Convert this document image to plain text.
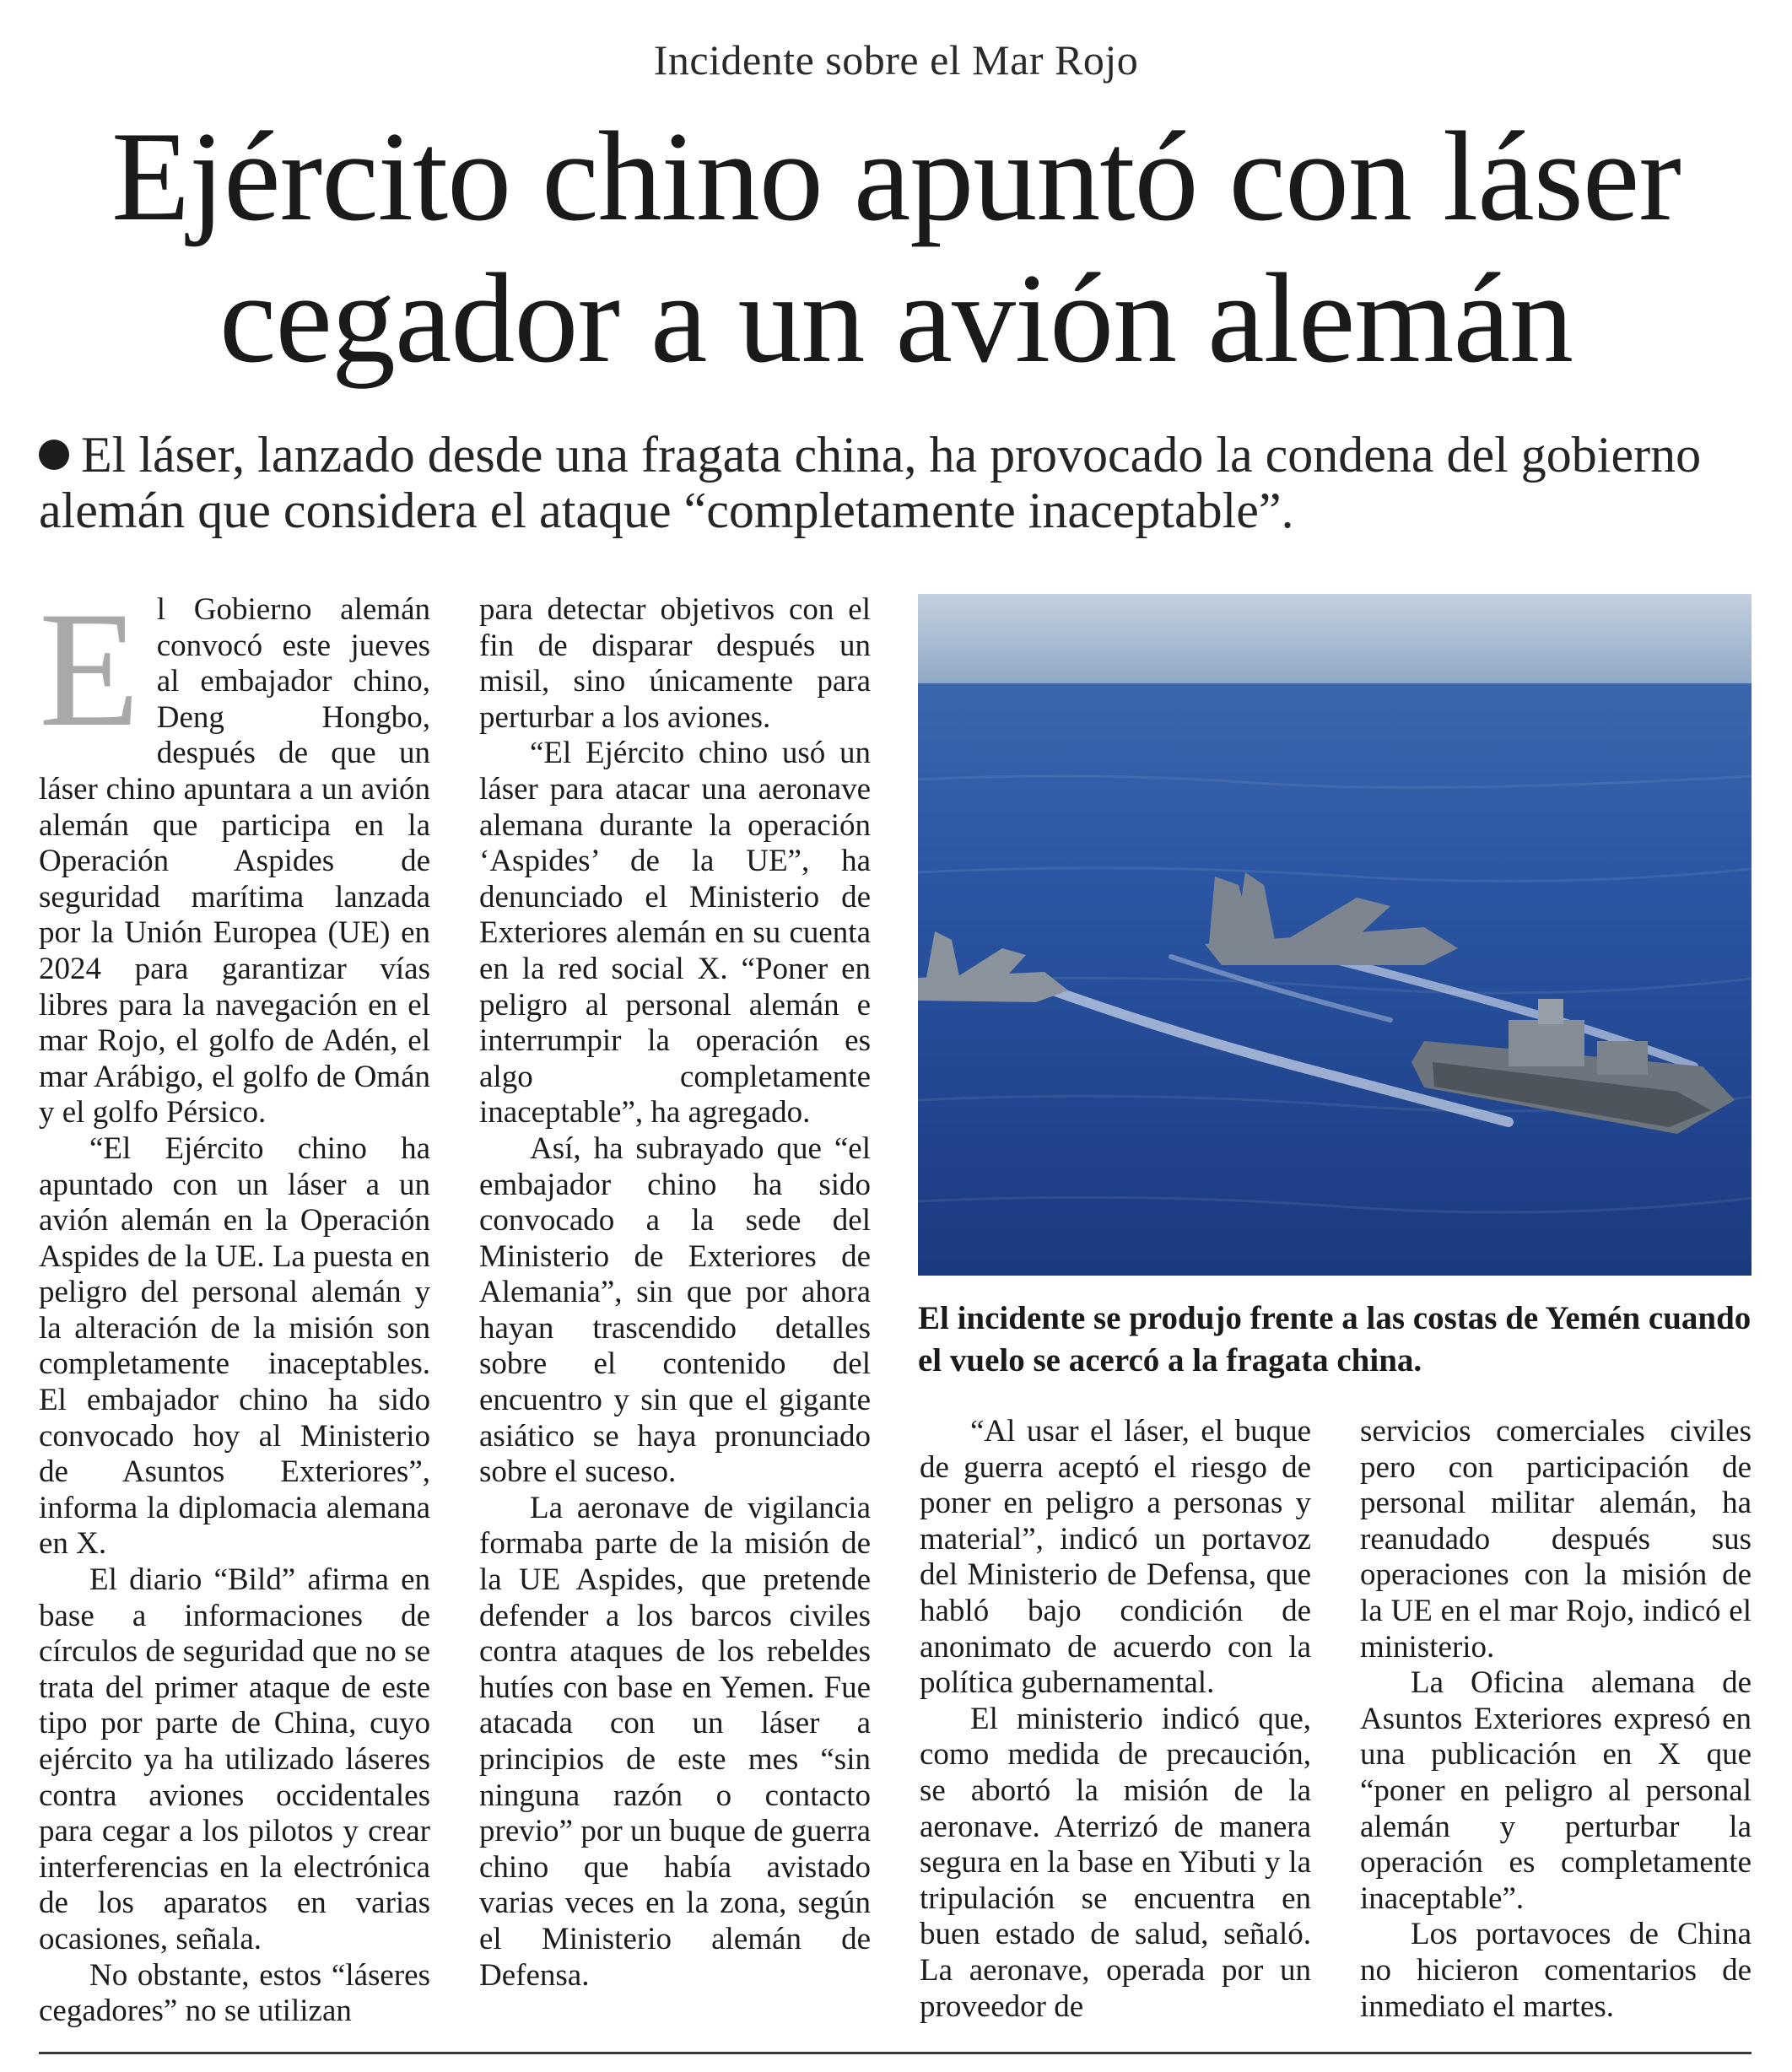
Incidente sobre el Mar Rojo
Ejército chino apuntó con láser cegador a un avión alemán
El láser, lanzado desde una fragata china, ha provocado la condena del gobierno alemán que considera el ataque “completamente inaceptable”.

El Gobierno alemán convocó este jueves al embajador chino, Deng Hongbo, después de que un láser chino apuntara a un avión alemán que participa en la Operación Aspides de seguridad marítima lanzada por la Unión Europea (UE) en 2024 para garantizar vías libres para la navegación en el mar Rojo, el golfo de Adén, el mar Arábigo, el golfo de Omán y el golfo Pérsico.

“El Ejército chino ha apuntado con un láser a un avión alemán en la Operación Aspides de la UE. La puesta en peligro del personal alemán y la alteración de la misión son completamente inaceptables. El embajador chino ha sido convocado hoy al Ministerio de Asuntos Exteriores”, informa la diplomacia alemana en X.

El diario “Bild” afirma en base a informaciones de círculos de seguridad que no se trata del primer ataque de este tipo por parte de China, cuyo ejército ya ha utilizado láseres contra aviones occidentales para cegar a los pilotos y crear interferencias en la electrónica de los aparatos en varias ocasiones, señala.

No obstante, estos “láseres cegadores” no se utilizan

para detectar objetivos con el fin de disparar después un misil, sino únicamente para perturbar a los aviones.

“El Ejército chino usó un láser para atacar una aeronave alemana durante la operación ‘Aspides’ de la UE”, ha denunciado el Ministerio de Exteriores alemán en su cuenta en la red social X. “Poner en peligro al personal alemán e interrumpir la operación es algo completamente inaceptable”, ha agregado.

Así, ha subrayado que “el embajador chino ha sido convocado a la sede del Ministerio de Exteriores de Alemania”, sin que por ahora hayan trascendido detalles sobre el contenido del encuentro y sin que el gigante asiático se haya pronunciado sobre el suceso.

La aeronave de vigilancia formaba parte de la misión de la UE Aspides, que pretende defender a los barcos civiles contra ataques de los rebeldes hutíes con base en Yemen. Fue atacada con un láser a principios de este mes “sin ninguna razón o contacto previo” por un buque de guerra chino que había avistado varias veces en la zona, según el Ministerio alemán de Defensa.

El incidente se produjo frente a las costas de Yemén cuando el vuelo se acercó a la fragata china.

“Al usar el láser, el buque de guerra aceptó el riesgo de poner en peligro a personas y material”, indicó un portavoz del Ministerio de Defensa, que habló bajo condición de anonimato de acuerdo con la política gubernamental.

El ministerio indicó que, como medida de precaución, se abortó la misión de la aeronave. Aterrizó de manera segura en la base en Yibuti y la tripulación se encuentra en buen estado de salud, señaló. La aeronave, operada por un proveedor de

servicios comerciales civiles pero con participación de personal militar alemán, ha reanudado después sus operaciones con la misión de la UE en el mar Rojo, indicó el ministerio.

La Oficina alemana de Asuntos Exteriores expresó en una publicación en X que “poner en peligro al personal alemán y perturbar la operación es completamente inaceptable”.

Los portavoces de China no hicieron comentarios de inmediato el martes.
